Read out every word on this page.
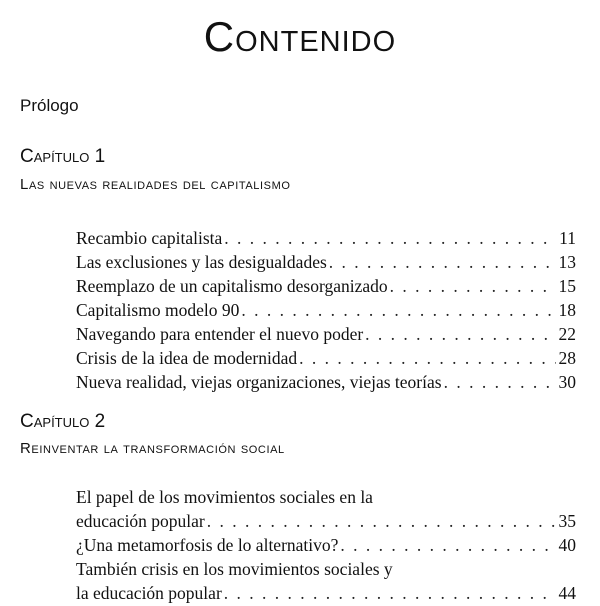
Contenido
Prólogo
Capítulo 1
Las nuevas realidades del capitalismo
Recambio capitalista . . .	11
Las exclusiones y las desigualdades . . .	13
Reemplazo de un capitalismo desorganizado . . .	15
Capitalismo modelo 90 . . .	18
Navegando para entender el nuevo poder . . .	22
Crisis de la idea de modernidad . . .	28
Nueva realidad, viejas organizaciones, viejas teorías . . .	30
Capítulo 2
Reinventar la transformación social
El papel de los movimientos sociales en la
educación popular . . .	35
¿Una metamorfosis de lo alternativo? . . .	40
También crisis en los movimientos sociales y
la educación popular . . .	44
